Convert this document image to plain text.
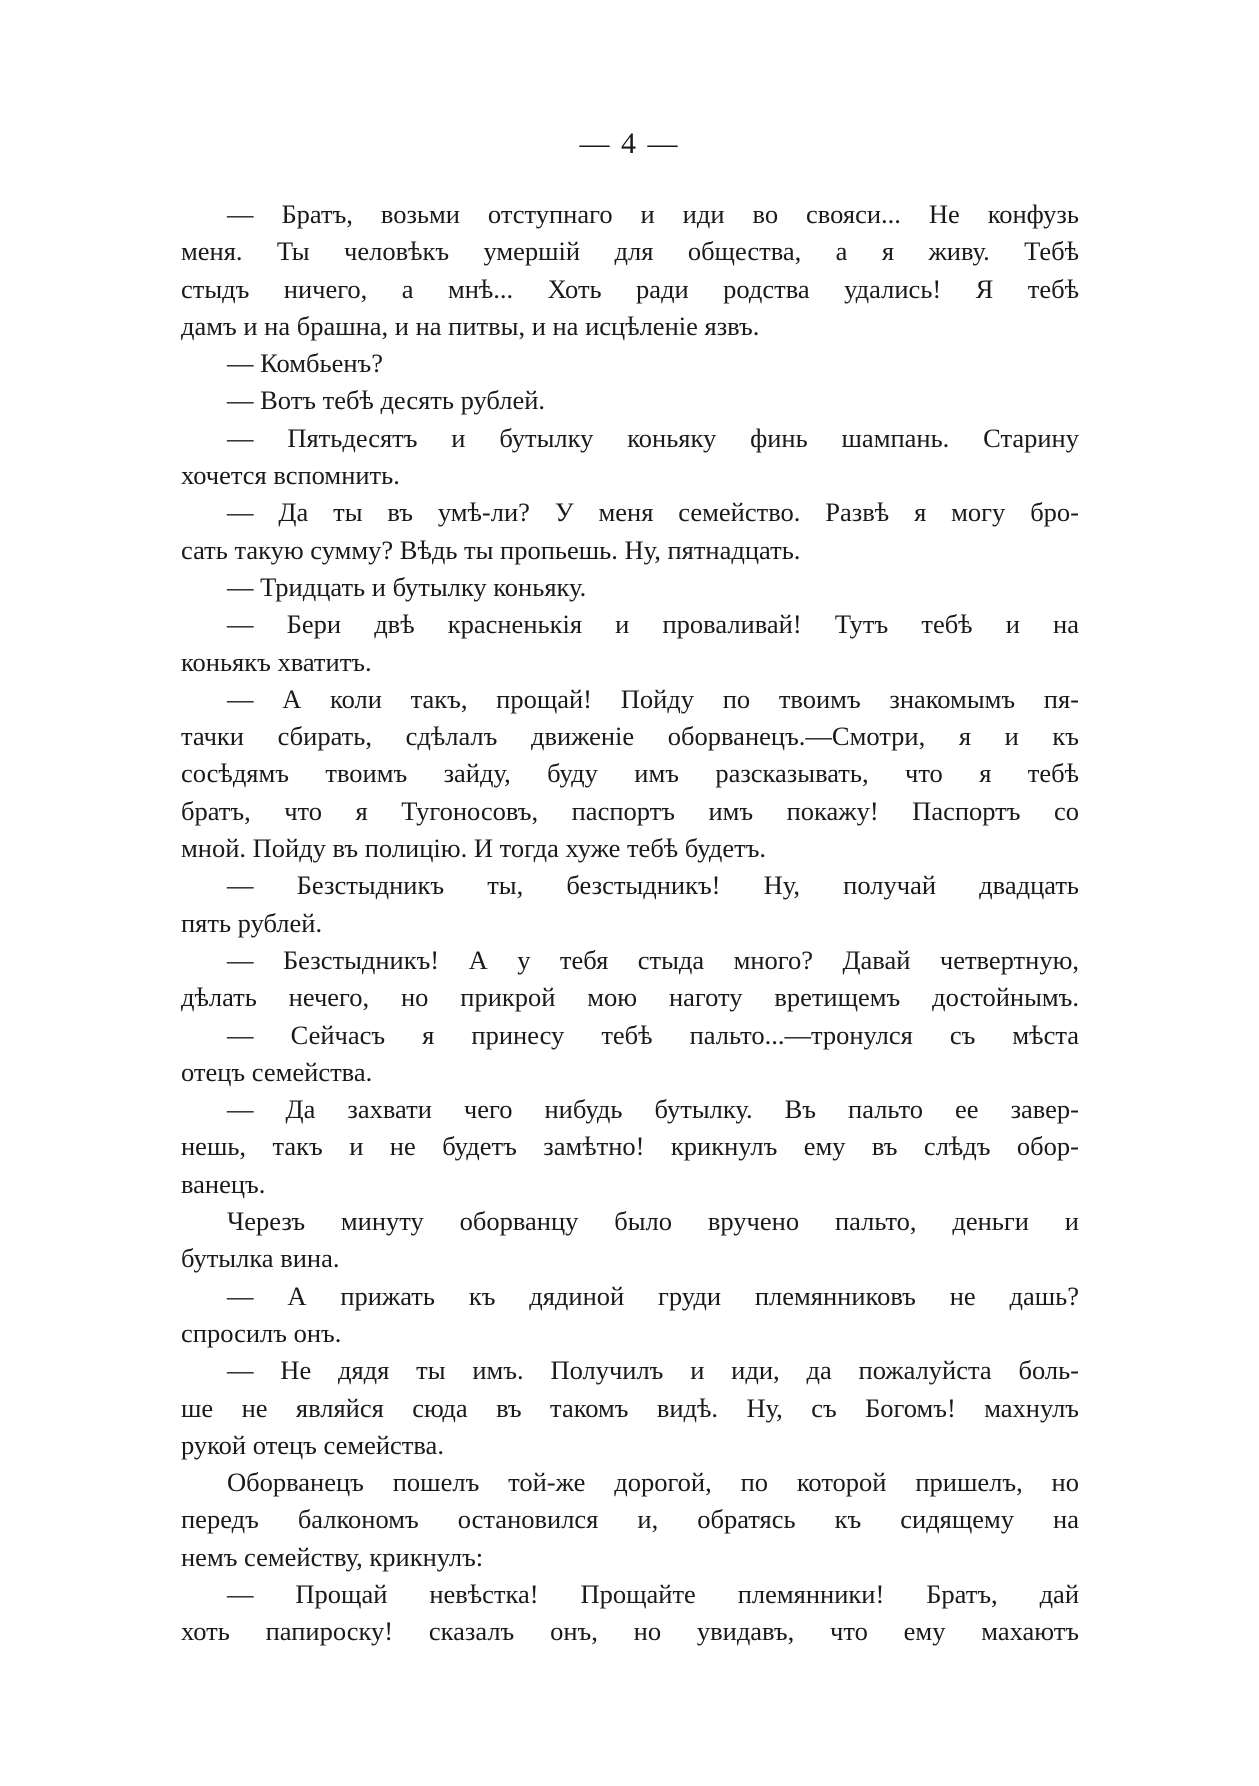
— 4 —
— Братъ, возьми отступнаго и иди во свояси... Не конфузь
меня. Ты человѣкъ умершій для общества, а я живу. Тебѣ
стыдъ ничего, а мнѣ... Хоть ради родства удались! Я тебѣ
дамъ и на брашна, и на питвы, и на исцѣленіе язвъ.
— Комбьенъ?
— Вотъ тебѣ десять рублей.
— Пятьдесятъ и бутылку коньяку финь шампань. Старину
хочется вспомнить.
— Да ты въ умѣ-ли? У меня семейство. Развѣ я могу бро-
сать такую сумму? Вѣдь ты пропьешь. Ну, пятнадцать.
— Тридцать и бутылку коньяку.
— Бери двѣ красненькія и проваливай! Тутъ тебѣ и на
коньякъ хватитъ.
— А коли такъ, прощай! Пойду по твоимъ знакомымъ пя-
тачки сбирать, сдѣлалъ движеніе оборванецъ.—Смотри, я и къ
сосѣдямъ твоимъ зайду, буду имъ разсказывать, что я тебѣ
братъ, что я Тугоносовъ, паспортъ имъ покажу! Паспортъ со
мной. Пойду въ полицію. И тогда хуже тебѣ будетъ.
— Безстыдникъ ты, безстыдникъ! Ну, получай двадцать
пять рублей.
— Безстыдникъ! А у тебя стыда много? Давай четвертную,
дѣлать нечего, но прикрой мою наготу вретищемъ достойнымъ.
— Сейчасъ я принесу тебѣ пальто...—тронулся съ мѣста
отецъ семейства.
— Да захвати чего нибудь бутылку. Въ пальто ее завер-
нешь, такъ и не будетъ замѣтно! крикнулъ ему въ слѣдъ обор-
ванецъ.
Черезъ минуту оборванцу было вручено пальто, деньги и
бутылка вина.
— А прижать къ дядиной груди племянниковъ не дашь?
спросилъ онъ.
— Не дядя ты имъ. Получилъ и иди, да пожалуйста боль-
ше не являйся сюда въ такомъ видѣ. Ну, съ Богомъ! махнулъ
рукой отецъ семейства.
Оборванецъ пошелъ той-же дорогой, по которой пришелъ, но
передъ балкономъ остановился и, обратясь къ сидящему на
немъ семейству, крикнулъ:
— Прощай невѣстка! Прощайте племянники! Братъ, дай
хоть папироску! сказалъ онъ, но увидавъ, что ему махаютъ
